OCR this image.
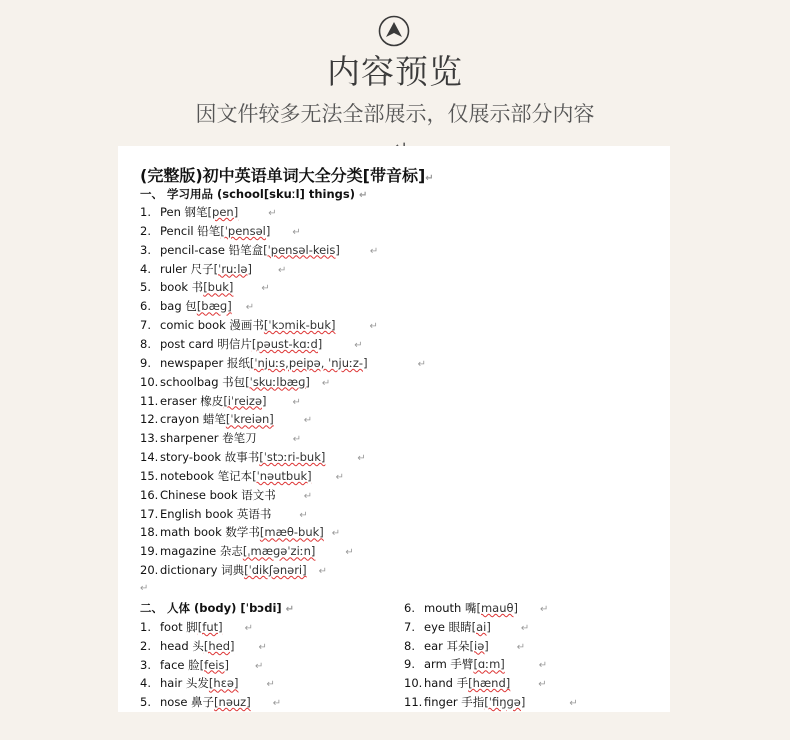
内容预览
因文件较多无法全部展示，仅展示部分内容
(完整版)初中英语单词大全分类[带音标]↵
一、 学习用品 (school[skuːl] things) ↵
1. Pen 钢笔[pen]	↵
2. Pencil 铅笔[ˈpensəl] ↵
3. pencil-case 铅笔盒[ˈpensəl-keis]	↵
4. ruler 尺子[ˈruːlə]	↵
5. book 书[buk]	↵
6. bag 包[bæɡ] ↵
7. comic book 漫画书[ˈkɔmik-buk]	↵
8. post card 明信片[pəust-kɑːd]	↵
9. newspaper 报纸[ˈnjuːs,peipə, ˈnjuːz-]	↵
10. schoolbag 书包[ˈskuːlbæɡ] ↵
11. eraser 橡皮[iˈreizə]	↵
12. crayon 蜡笔[ˈkreiən]	↵
13. sharpener 卷笔刀	↵
14. story-book 故事书[ˈstɔːri-buk]	↵
15. notebook 笔记本[ˈnəutbuk] ↵
16. Chinese book 语文书	↵
17. English book 英语书	↵
18. math book 数学书[mæθ-buk] ↵
19. magazine 杂志[ˌmæɡəˈziːn]	↵
20. dictionary 词典[ˈdikʃənəri] ↵
↵
二、 人体 (body) [ˈbɔdi] ↵
1. foot 脚[fut] ↵
2. head 头[hed] ↵
3. face 脸[feis]	↵
4. hair 头发[hɛə]	↵
5. nose 鼻子[nəuz] ↵
6. mouth 嘴[mauθ] ↵
7. eye 眼睛[ai]	↵
8. ear 耳朵[iə]	↵
9. arm 手臂[ɑːm]	↵
10. hand 手[hænd]	↵
11. finger 手指[ˈfiŋɡə]	↵
